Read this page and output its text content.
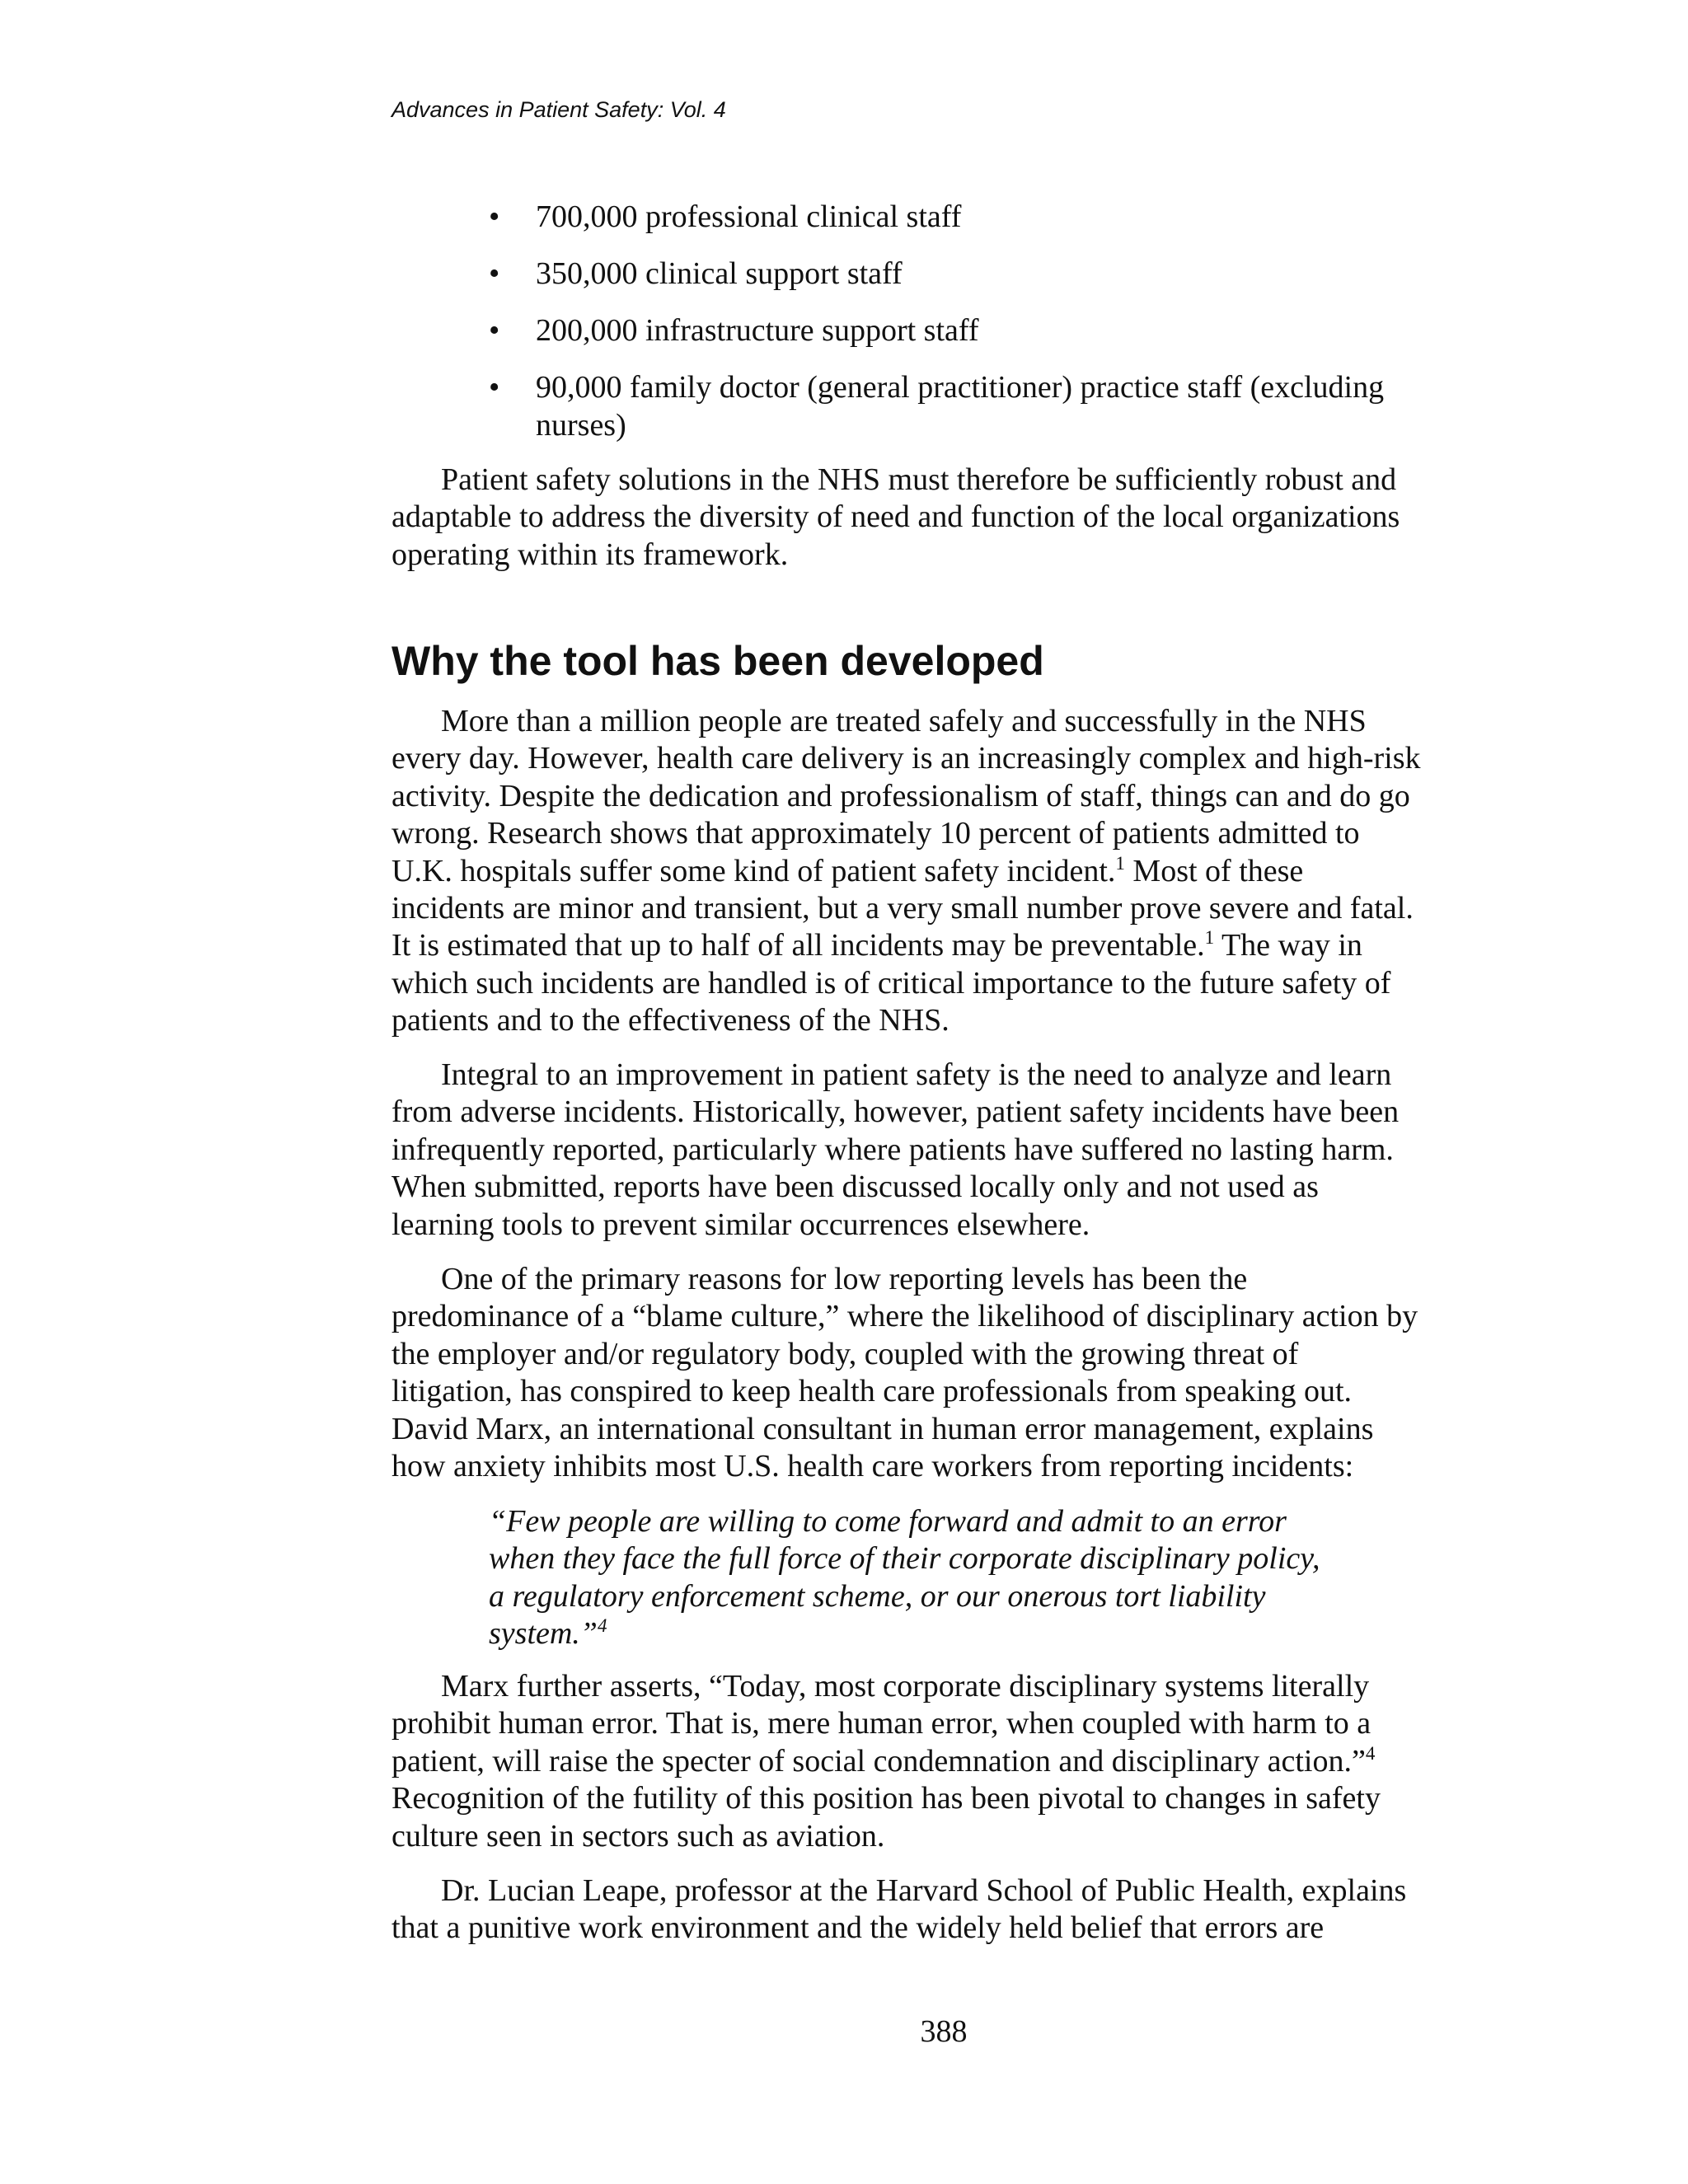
Advances in Patient Safety: Vol. 4
• 700,000 professional clinical staff
• 350,000 clinical support staff
• 200,000 infrastructure support staff
• 90,000 family doctor (general practitioner) practice staff (excluding nurses)

Patient safety solutions in the NHS must therefore be sufficiently robust and
adaptable to address the diversity of need and function of the local organizations
operating within its framework.

Why the tool has been developed

More than a million people are treated safely and successfully in the NHS
every day. However, health care delivery is an increasingly complex and high-risk
activity. Despite the dedication and professionalism of staff, things can and do go
wrong. Research shows that approximately 10 percent of patients admitted to
U.K. hospitals suffer some kind of patient safety incident.$^1$ Most of these
incidents are minor and transient, but a very small number prove severe and fatal.
It is estimated that up to half of all incidents may be preventable.$^1$ The way in
which such incidents are handled is of critical importance to the future safety of
patients and to the effectiveness of the NHS.

Integral to an improvement in patient safety is the need to analyze and learn
from adverse incidents. Historically, however, patient safety incidents have been
infrequently reported, particularly where patients have suffered no lasting harm.
When submitted, reports have been discussed locally only and not used as
learning tools to prevent similar occurrences elsewhere.

One of the primary reasons for low reporting levels has been the
predominance of a “blame culture,” where the likelihood of disciplinary action by
the employer and/or regulatory body, coupled with the growing threat of
litigation, has conspired to keep health care professionals from speaking out.
David Marx, an international consultant in human error management, explains
how anxiety inhibits most U.S. health care workers from reporting incidents:

“Few people are willing to come forward and admit to an error
when they face the full force of their corporate disciplinary policy,
a regulatory enforcement scheme, or our onerous tort liability
system.”$^4$

Marx further asserts, “Today, most corporate disciplinary systems literally
prohibit human error. That is, mere human error, when coupled with harm to a
patient, will raise the specter of social condemnation and disciplinary action.”$^4$
Recognition of the futility of this position has been pivotal to changes in safety
culture seen in sectors such as aviation.

Dr. Lucian Leape, professor at the Harvard School of Public Health, explains
that a punitive work environment and the widely held belief that errors are

388
